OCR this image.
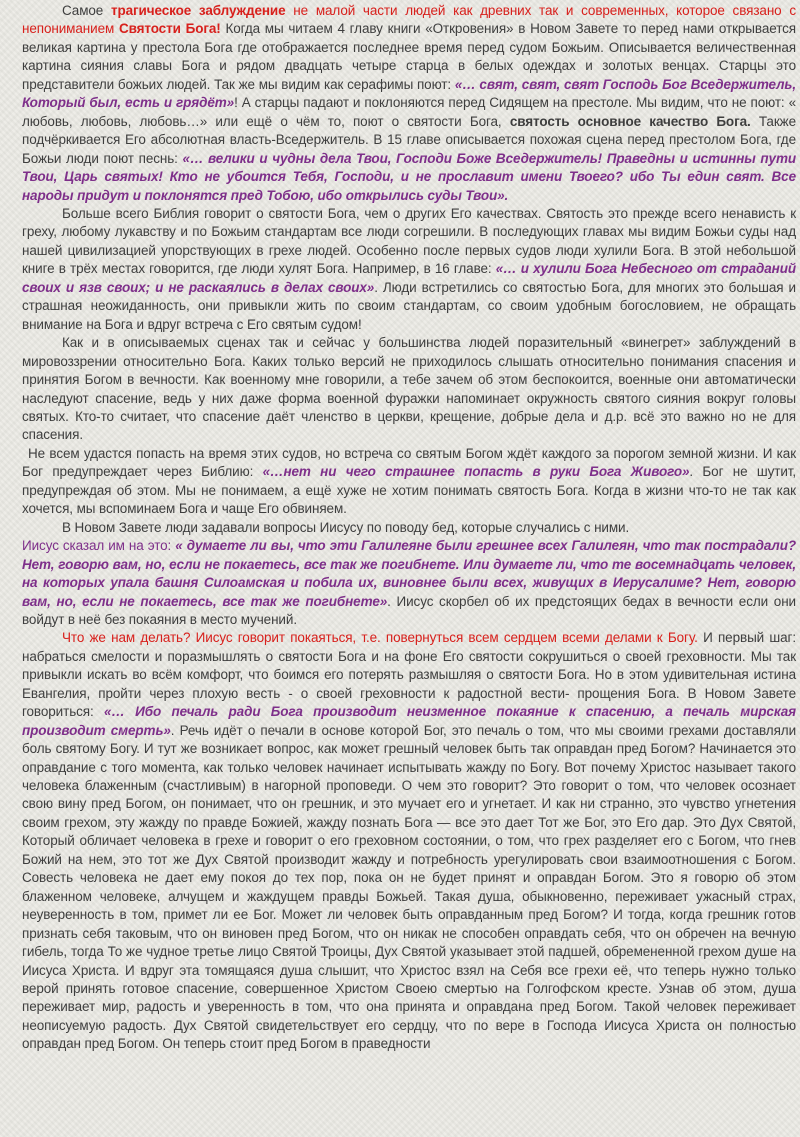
Самое трагическое заблуждение не малой части людей как древних так и современных, которое связано с непониманием Святости Бога! Когда мы читаем 4 главу книги «Откровения» в Новом Завете то перед нами открывается великая картина у престола Бога где отображается последнее время перед судом Божьим. Описывается величественная картина сияния славы Бога и рядом двадцать четыре старца в белых одеждах и золотых венцах. Старцы это представители божьих людей. Так же мы видим как серафимы поют: «… свят, свят, свят Господь Бог Вседержитель, Который был, есть и грядёт»! А старцы падают и поклоняются перед Сидящем на престоле. Мы видим, что не поют: « любовь, любовь, любовь…» или ещё о чём то, поют о святости Бога, святость основное качество Бога. Также подчёркивается Его абсолютная власть-Вседержитель. В 15 главе описывается похожая сцена перед престолом Бога, где Божьи люди поют песнь: «… велики и чудны дела Твои, Господи Боже Вседержитель! Праведны и истинны пути Твои, Царь святых! Кто не убоится Тебя, Господи, и не прославит имени Твоего? ибо Ты един свят. Все народы придут и поклонятся пред Тобою, ибо открылись суды Твои».

Больше всего Библия говорит о святости Бога, чем о других Его качествах. Святость это прежде всего ненависть к греху, любому лукавству и по Божьим стандартам все люди согрешили. В последующих главах мы видим Божьи суды над нашей цивилизацией упорствующих в грехе людей. Особенно после первых судов люди хулили Бога. В этой небольшой книге в трёх местах говорится, где люди хулят Бога. Например, в 16 главе: «… и хулили Бога Небесного от страданий своих и язв своих; и не раскаялись в делах своих». Люди встретились со святостью Бога, для многих это большая и страшная неожиданность, они привыкли жить по своим стандартам, со своим удобным богословием, не обращать внимание на Бога и вдруг встреча с Его святым судом!

Как и в описываемых сценах так и сейчас у большинства людей поразительный «винегрет» заблуждений в мировоззрении относительно Бога. Каких только версий не приходилось слышать относительно понимания спасения и принятия Богом в вечности. Как военному мне говорили, а тебе зачем об этом беспокоится, военные они автоматически наследуют спасение, ведь у них даже форма военной фуражки напоминает окружность святого сияния вокруг головы святых. Кто-то считает, что спасение даёт членство в церкви, крещение, добрые дела и д.р. всё это важно но не для спасения.

Не всем удастся попасть на время этих судов, но встреча со святым Богом ждёт каждого за порогом земной жизни. И как Бог предупреждает через Библию: «…нет ни чего страшнее попасть в руки Бога Живого». Бог не шутит, предупреждая об этом. Мы не понимаем, а ещё хуже не хотим понимать святость Бога. Когда в жизни что-то не так как хочется, мы вспоминаем Бога и чаще Его обвиняем.

В Новом Завете люди задавали вопросы Иисусу по поводу бед, которые случались с ними.

Иисус сказал им на это: « думаете ли вы, что эти Галилеяне были грешнее всех Галилеян, что так пострадали? Нет, говорю вам, но, если не покаетесь, все так же погибнете. Или думаете ли, что те восемнадцать человек, на которых упала башня Силоамская и побила их, виновнее были всех, живущих в Иерусалиме? Нет, говорю вам, но, если не покаетесь, все так же погибнете». Иисус скорбел об их предстоящих бедах в вечности если они войдут в неё без покаяния в место мучений.

Что же нам делать? Иисус говорит покаяться, т.е. повернуться всем сердцем всеми делами к Богу. И первый шаг: набраться смелости и поразмышлять о святости Бога и на фоне Его святости сокрушиться о своей греховности. Мы так привыкли искать во всём комфорт, что боимся его потерять размышляя о святости Бога. Но в этом удивительная истина Евангелия, пройти через плохую весть - о своей греховности к радостной вести- прощения Бога. В Новом Завете говориться: «… Ибо печаль ради Бога производит неизменное покаяние к спасению, а печаль мирская производит смерть». Речь идёт о печали в основе которой Бог, это печаль о том, что мы своими грехами доставляли боль святому Богу. И тут же возникает вопрос, как может грешный человек быть так оправдан пред Богом? Начинается это оправдание с того момента, как только человек начинает испытывать жажду по Богу. Вот почему Христос называет такого человека блаженным (счастливым) в нагорной проповеди. О чем это говорит? Это говорит о том, что человек осознает свою вину пред Богом, он понимает, что он грешник, и это мучает его и угнетает. И как ни странно, это чувство угнетения своим грехом, эту жажду по правде Божией, жажду познать Бога — все это дает Тот же Бог, это Его дар. Это Дух Святой, Который обличает человека в грехе и говорит о его греховном состоянии, о том, что грех разделяет его с Богом, что гнев Божий на нем, это тот же Дух Святой производит жажду и потребность урегулировать свои взаимоотношения с Богом. Совесть человека не дает ему покоя до тех пор, пока он не будет принят и оправдан Богом. Это я говорю об этом блаженном человеке, алчущем и жаждущем правды Божьей. Такая душа, обыкновенно, переживает ужасный страх, неуверенность в том, примет ли ее Бог. Может ли человек быть оправданным пред Богом? И тогда, когда грешник готов признать себя таковым, что он виновен пред Богом, что он никак не способен оправдать себя, что он обречен на вечную гибель, тогда То же чудное третье лицо Святой Троицы, Дух Святой указывает этой падшей, обремененной грехом душе на Иисуса Христа. И вдруг эта томящаяся душа слышит, что Христос взял на Себя все грехи её, что теперь нужно только верой принять готовое спасение, совершенное Христом Своею смертью на Голгофском кресте. Узнав об этом, душа переживает мир, радость и уверенность в том, что она принята и оправдана пред Богом. Такой человек переживает неописуемую радость. Дух Святой свидетельствует его сердцу, что по вере в Господа Иисуса Христа он полностью оправдан пред Богом. Он теперь стоит пред Богом в праведности
